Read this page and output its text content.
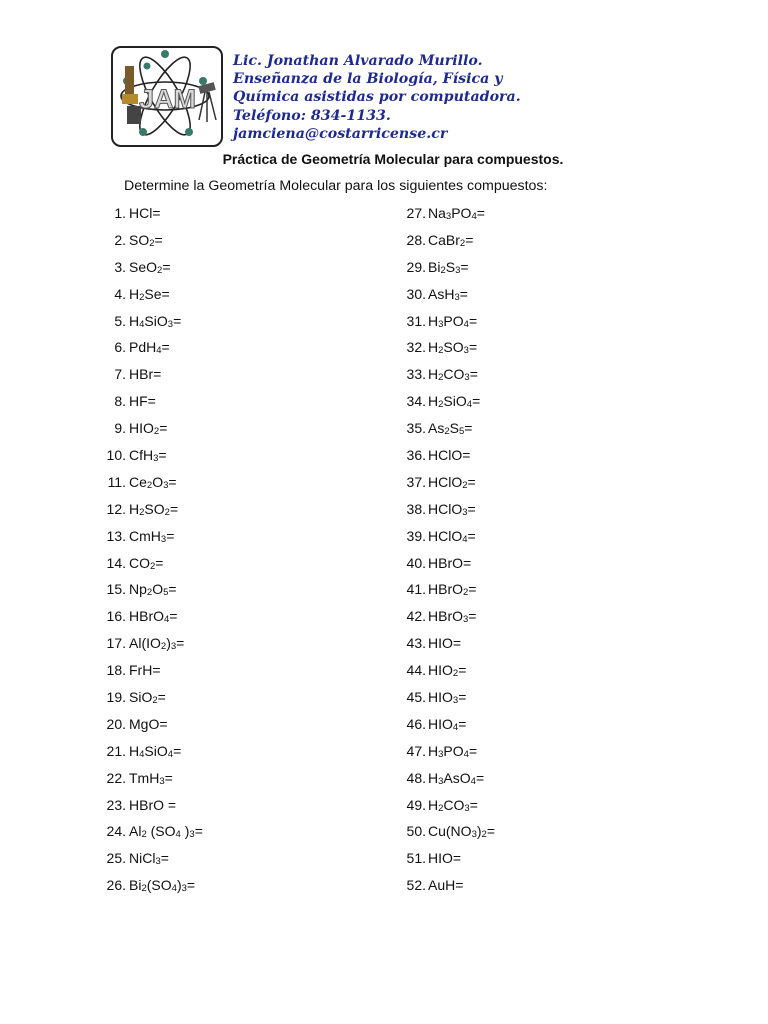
JAM
Lic. Jonathan Alvarado Murillo.
Enseñanza de la Biología, Física y
Química asistidas por computadora.
Teléfono: 834-1133.
jamciena@costarricense.cr
Práctica de Geometría Molecular para compuestos.
Determine la Geometría Molecular para los siguientes compuestos:
1. HCl=
2. $SO_2=$
3. SeO$_2$=
4. $H_2Se=$
5. $H_4SiO_3=$
6. PdH$_4$=
7. HBr=
8. HF=
9. $HIO_2=$
10. CfH$_3$=
11. $Ce_2O_3=$
12. $H_2SO_2=$
13. CmH$_3$=
14. $CO_2=$
15. $Np_2O_5=$
16. HBrO$_4$=
17. $Al(IO_2)_3=$
18. FrH=
19. SiO$_2$=
20. MgO=
21. $H_4SiO_4=$
22. TmH$_3$=
23. HBrO =
24. $Al_2$ ($SO_4$ )$_3=$
25. NiCl$_3$=
26. $Bi_2(SO_4)_3=$
27. $Na_3PO_4=$
28. CaBr$_2$=
29. $Bi_2S_3=$
30. AsH$_3$=
31. $H_3PO_4=$
32. $H_2SO_3=$
33. $H_2CO_3=$
34. $H_2SiO_4=$
35. $As_2S_5=$
36. HClO=
37. HClO$_2$=
38. HClO$_3$=
39. HClO$_4$=
40. HBrO=
41. HBrO$_2$=
42. HBrO$_3$=
43. HIO=
44. $HIO_2=$
45. $HIO_3=$
46. $HIO_4=$
47. $H_3PO_4=$
48. $H_3AsO_4=$
49. $H_2CO_3=$
50. $Cu(NO_3)_2=$
51. HIO=
52. AuH=
